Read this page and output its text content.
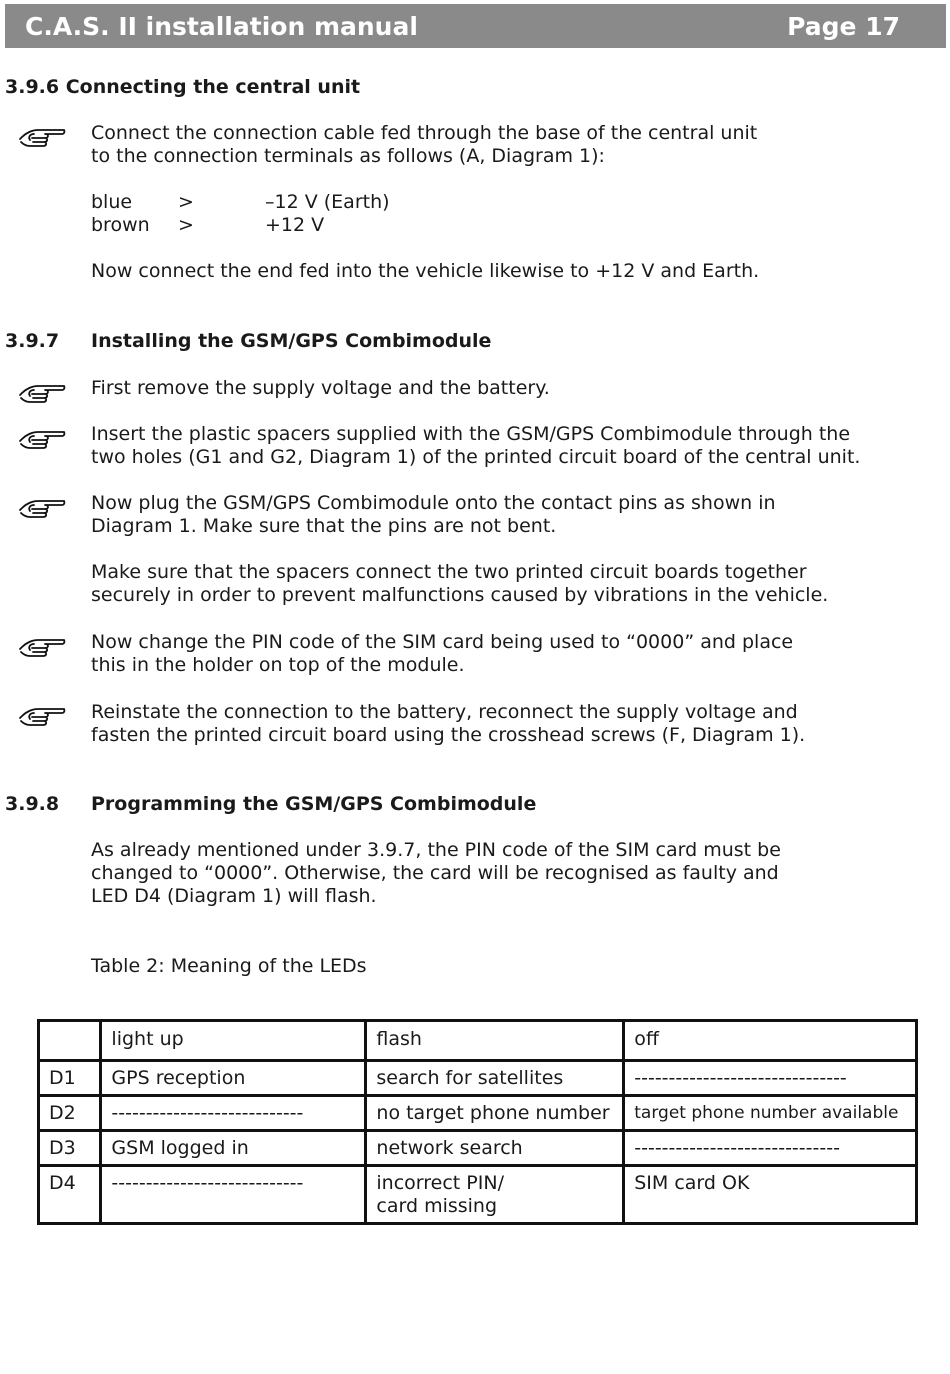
C.A.S. II installation manual	Page 17
3.9.6 Connecting the central unit
Connect the connection cable fed through the base of the central unit
to the connection terminals as follows (A, Diagram 1):
blue >	–12 V (Earth)
brown >	+12 V
Now connect the end fed into the vehicle likewise to +12 V and Earth.
3.9.7 Installing the GSM/GPS Combimodule
First remove the supply voltage and the battery.
Insert the plastic spacers supplied with the GSM/GPS Combimodule through the
two holes (G1 and G2, Diagram 1) of the printed circuit board of the central unit.
Now plug the GSM/GPS Combimodule onto the contact pins as shown in
Diagram 1. Make sure that the pins are not bent.
Make sure that the spacers connect the two printed circuit boards together
securely in order to prevent malfunctions caused by vibrations in the vehicle.
Now change the PIN code of the SIM card being used to “0000” and place
this in the holder on top of the module.
Reinstate the connection to the battery, reconnect the supply voltage and
fasten the printed circuit board using the crosshead screws (F, Diagram 1).
3.9.8 Programming the GSM/GPS Combimodule
As already mentioned under 3.9.7, the PIN code of the SIM card must be
changed to “0000”. Otherwise, the card will be recognised as faulty and
LED D4 (Diagram 1) will flash.
Table 2: Meaning of the LEDs
	light up	flash	off
D1	GPS reception	search for satellites	-------------------------------
D2	----------------------------	no target phone number	target phone number available
D3	GSM logged in	network search	------------------------------
D4	----------------------------	incorrect PIN/
card missing	SIM card OK
